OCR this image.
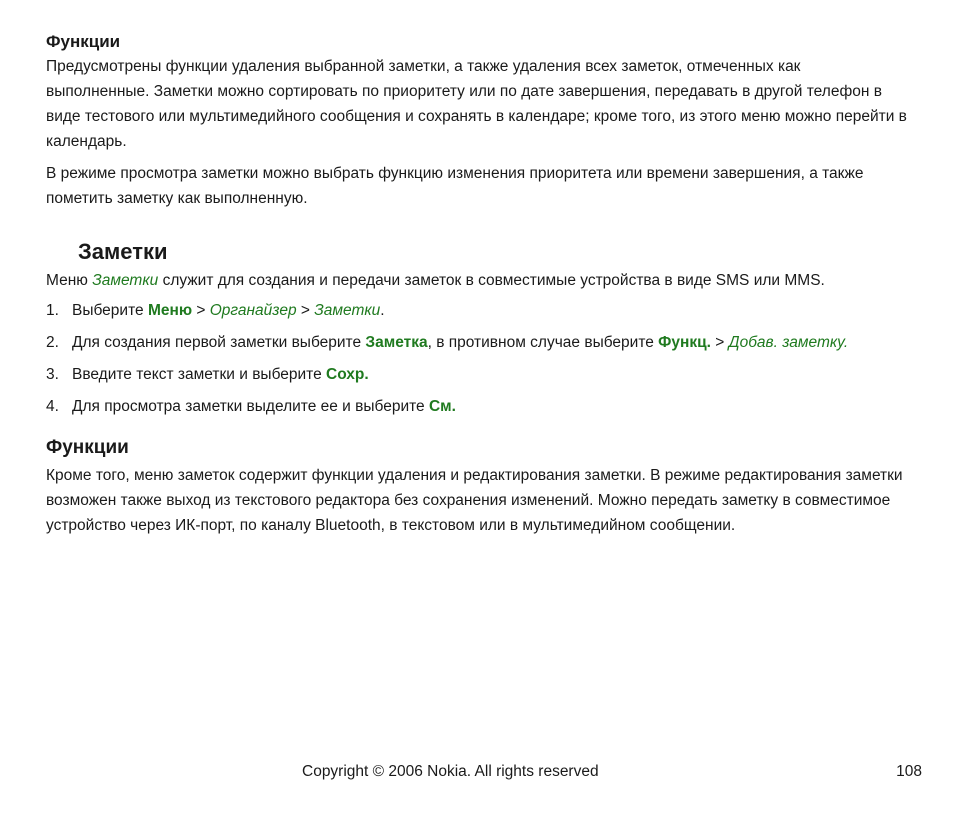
Функции

Предусмотрены функции удаления выбранной заметки, а также удаления всех заметок, отмеченных как выполненные. Заметки можно сортировать по приоритету или по дате завершения, передавать в другой телефон в виде тестового или мультимедийного сообщения и сохранять в календаре; кроме того, из этого меню можно перейти в календарь.

В режиме просмотра заметки можно выбрать функцию изменения приоритета или времени завершения, а также пометить заметку как выполненную.

Заметки

Меню Заметки служит для создания и передачи заметок в совместимые устройства в виде SMS или MMS.

1. Выберите Меню > Органайзер > Заметки.
2. Для создания первой заметки выберите Заметка, в противном случае выберите Функц. > Добав. заметку.
3. Введите текст заметки и выберите Сохр.
4. Для просмотра заметки выделите ее и выберите См.
Функции

Кроме того, меню заметок содержит функции удаления и редактирования заметки. В режиме редактирования заметки возможен также выход из текстового редактора без сохранения изменений. Можно передать заметку в совместимое устройство через ИК-порт, по каналу Bluetooth, в текстовом или в мультимедийном сообщении.

Copyright © 2006 Nokia. All rights reserved	108
